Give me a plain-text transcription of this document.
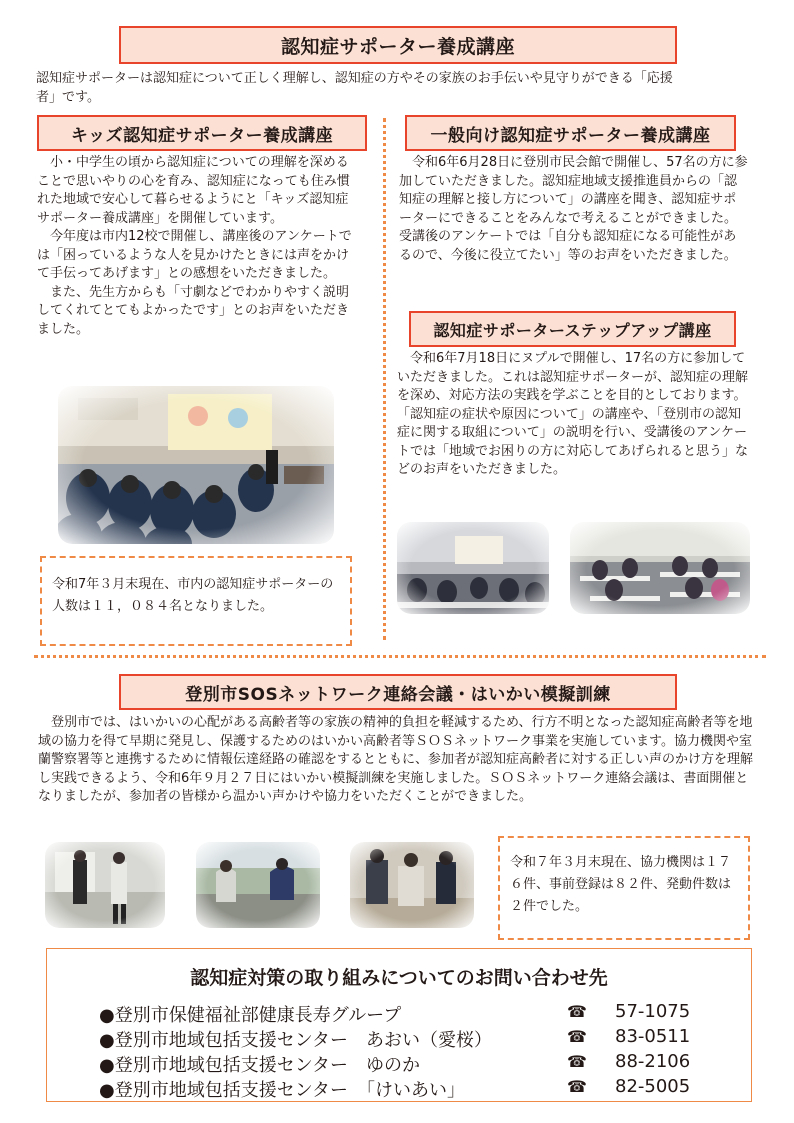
認知症サポーター養成講座
認知症サポーターは認知症について正しく理解し、認知症の方やその家族のお手伝いや見守りができる「応援
者」です。
キッズ認知症サポーター養成講座

小・中学生の頃から認知症についての理解を深めることで思いやりの心を育み、認知症になっても住み慣れた地域で安心して暮らせるようにと「キッズ認知症サポーター養成講座」を開催しています。

今年度は市内12校で開催し、講座後のアンケートでは「困っているような人を見かけたときには声をかけて手伝ってあげます」との感想をいただきました。

また、先生方からも「寸劇などでわかりやすく説明してくれてとてもよかったです」とのお声をいただきました。

令和7年３月末現在、市内の認知症サポーターの人数は１１，０８４名となりました。

一般向け認知症サポーター養成講座

令和6年6月28日に登別市民会館で開催し、57名の方に参加していただきました。認知症地域支援推進員からの「認知症の理解と接し方について」の講座を聞き、認知症サポーターにできることをみんなで考えることができました。受講後のアンケートでは「自分も認知症になる可能性があるので、今後に役立てたい」等のお声をいただきました。

認知症サポーターステップアップ講座

令和6年7月18日にヌプルで開催し、17名の方に参加していただきました。これは認知症サポーターが、認知症の理解を深め、対応方法の実践を学ぶことを目的としております。「認知症の症状や原因について」の講座や、「登別市の認知症に関する取組について」の説明を行い、受講後のアンケートでは「地域でお困りの方に対応してあげられると思う」などのお声をいただきました。

登別市SOSネットワーク連絡会議・はいかい模擬訓練

登別市では、はいかいの心配がある高齢者等の家族の精神的負担を軽減するため、行方不明となった認知症高齢者等を地域の協力を得て早期に発見し、保護するためのはいかい高齢者等ＳＯＳネットワーク事業を実施しています。協力機関や室蘭警察署等と連携するために情報伝達経路の確認をするとともに、参加者が認知症高齢者に対する正しい声のかけ方を理解し実践できるよう、令和6年９月２７日にはいかい模擬訓練を実施しました。ＳＯＳネットワーク連絡会議は、書面開催となりましたが、参加者の皆様から温かい声かけや協力をいただくことができました。

令和７年３月末現在、協力機関は１７６件、事前登録は８２件、発動件数は２件でした。

認知症対策の取り組みについてのお問い合わせ先
●登別市保健福祉部健康長寿グループ	☎ 57-1075
●登別市地域包括支援センター　あおい（愛桜）	☎ 83-0511
●登別市地域包括支援センター　ゆのか	☎ 88-2106
●登別市地域包括支援センター　「けいあい」	☎ 82-5005
